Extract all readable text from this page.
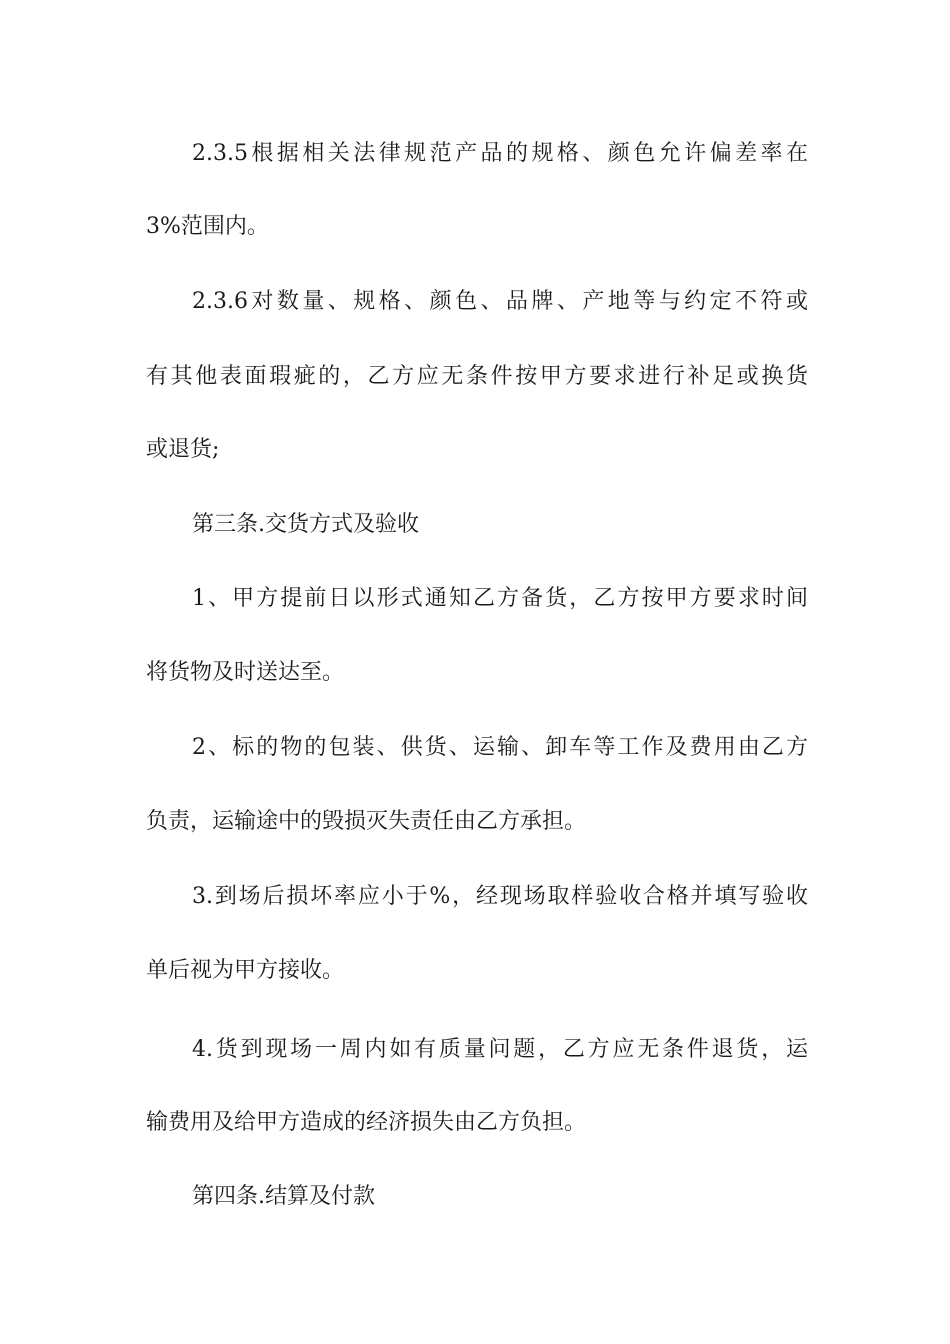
2.3.5根据相关法律规范产品的规格、颜色允许偏差率在
3%范围内。
2.3.6对数量、规格、颜色、品牌、产地等与约定不符或
有其他表面瑕疵的，乙方应无条件按甲方要求进行补足或换货
或退货;
第三条.交货方式及验收
1、甲方提前日以形式通知乙方备货，乙方按甲方要求时间
将货物及时送达至。
2、标的物的包装、供货、运输、卸车等工作及费用由乙方
负责，运输途中的毁损灭失责任由乙方承担。
3.到场后损坏率应小于%，经现场取样验收合格并填写验收
单后视为甲方接收。
4.货到现场一周内如有质量问题，乙方应无条件退货，运
输费用及给甲方造成的经济损失由乙方负担。
第四条.结算及付款
